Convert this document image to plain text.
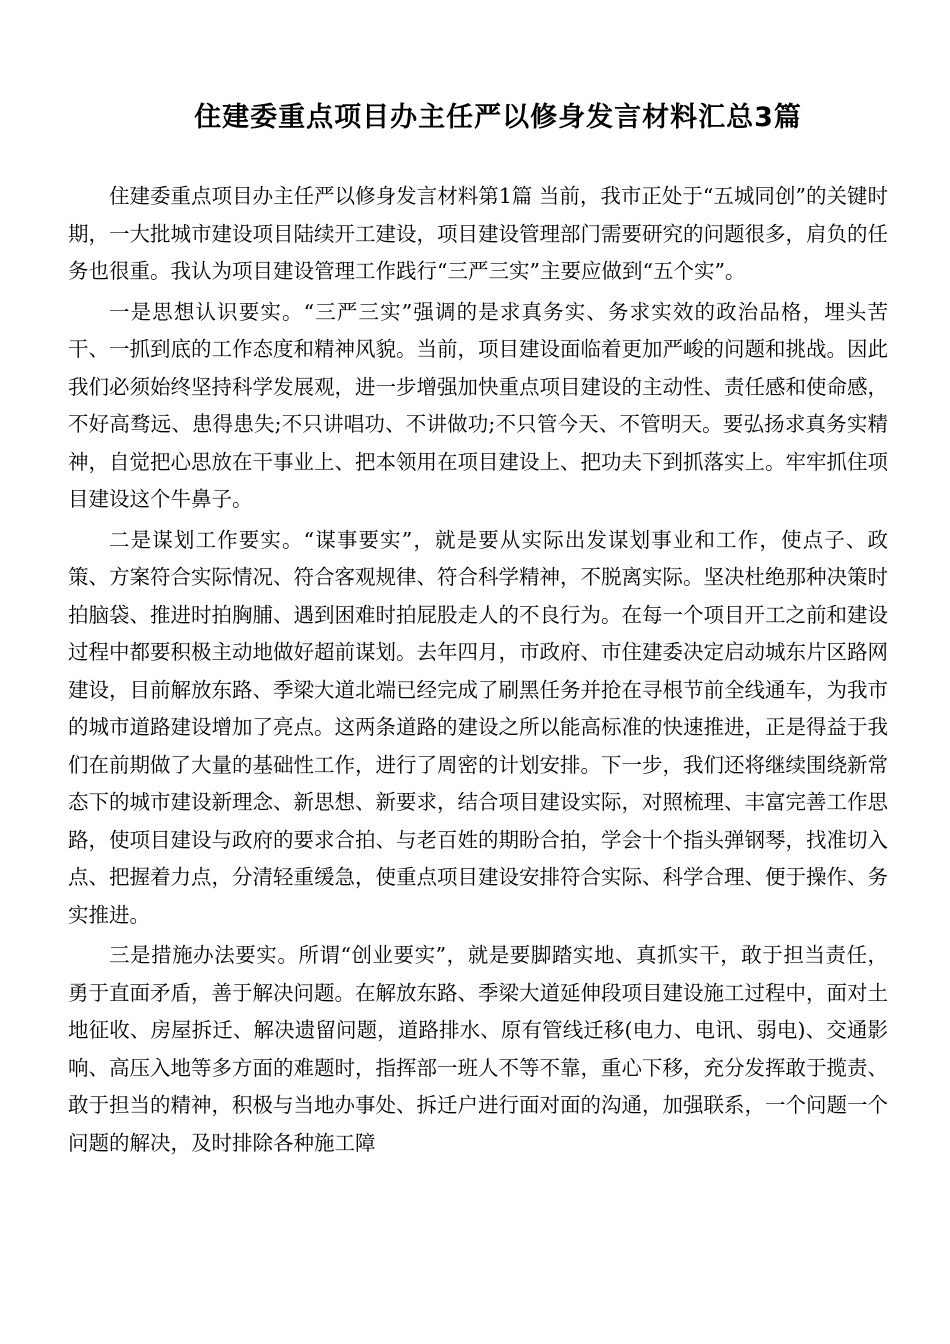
住建委重点项目办主任严以修身发言材料汇总3篇

住建委重点项目办主任严以修身发言材料第1篇 当前，我市正处于“五城同创”的关键时期，一大批城市建设项目陆续开工建设，项目建设管理部门需要研究的问题很多，肩负的任务也很重。我认为项目建设管理工作践行“三严三实”主要应做到“五个实”。

一是思想认识要实。“三严三实”强调的是求真务实、务求实效的政治品格，埋头苦干、一抓到底的工作态度和精神风貌。当前，项目建设面临着更加严峻的问题和挑战。因此我们必须始终坚持科学发展观，进一步增强加快重点项目建设的主动性、责任感和使命感，不好高骛远、患得患失;不只讲唱功、不讲做功;不只管今天、不管明天。要弘扬求真务实精神，自觉把心思放在干事业上、把本领用在项目建设上、把功夫下到抓落实上。牢牢抓住项目建设这个牛鼻子。

二是谋划工作要实。“谋事要实”，就是要从实际出发谋划事业和工作，使点子、政策、方案符合实际情况、符合客观规律、符合科学精神，不脱离实际。坚决杜绝那种决策时拍脑袋、推进时拍胸脯、遇到困难时拍屁股走人的不良行为。在每一个项目开工之前和建设过程中都要积极主动地做好超前谋划。去年四月，市政府、市住建委决定启动城东片区路网建设，目前解放东路、季梁大道北端已经完成了刷黑任务并抢在寻根节前全线通车，为我市的城市道路建设增加了亮点。这两条道路的建设之所以能高标准的快速推进，正是得益于我们在前期做了大量的基础性工作，进行了周密的计划安排。下一步，我们还将继续围绕新常态下的城市建设新理念、新思想、新要求，结合项目建设实际，对照梳理、丰富完善工作思路，使项目建设与政府的要求合拍、与老百姓的期盼合拍，学会十个指头弹钢琴，找准切入点、把握着力点，分清轻重缓急，使重点项目建设安排符合实际、科学合理、便于操作、务实推进。

三是措施办法要实。所谓“创业要实”，就是要脚踏实地、真抓实干，敢于担当责任，勇于直面矛盾，善于解决问题。在解放东路、季梁大道延伸段项目建设施工过程中，面对土地征收、房屋拆迁、解决遗留问题，道路排水、原有管线迁移(电力、电讯、弱电)、交通影响、高压入地等多方面的难题时，指挥部一班人不等不靠，重心下移，充分发挥敢于揽责、敢于担当的精神，积极与当地办事处、拆迁户进行面对面的沟通，加强联系，一个问题一个问题的解决，及时排除各种施工障
